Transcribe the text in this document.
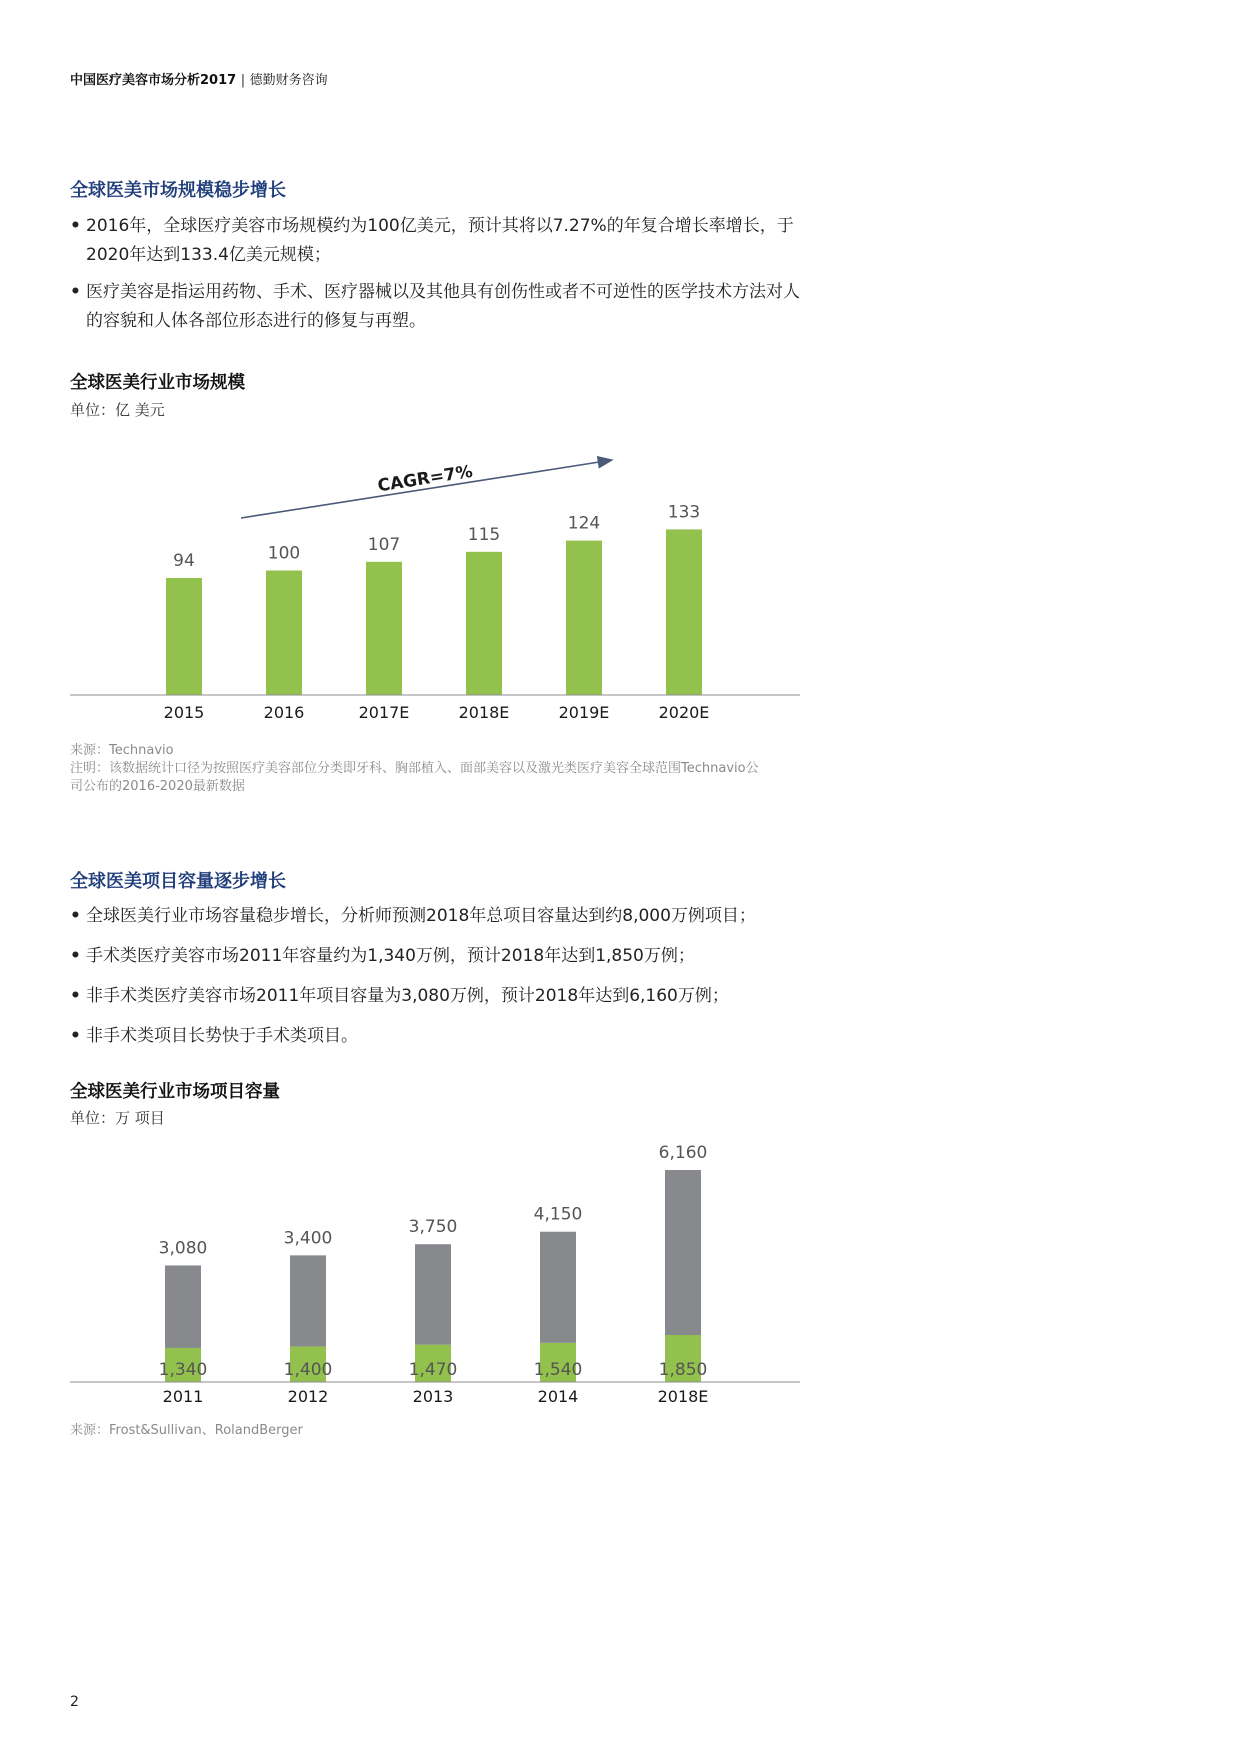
中国医疗美容市场分析2017 | 德勤财务咨询
全球医美市场规模稳步增长
• 2016年，全球医疗美容市场规模约为100亿美元，预计其将以7.27%的年复合增长率增长，于2020年达到133.4亿美元规模；
• 医疗美容是指运用药物、手术、医疗器械以及其他具有创伤性或者不可逆性的医学技术方法对人的容貌和人体各部位形态进行的修复与再塑。
全球医美行业市场规模
单位：亿 美元
CAGR=7%
94	100	107	115
124
133
2015	2016	2017E	2018E	2019E	2020E
来源：Technavio
注明：该数据统计口径为按照医疗美容部位分类即牙科、胸部植入、面部美容以及激光类医疗美容全球范围Technavio公司公布的2016-2020最新数据
全球医美项目容量逐步增长
• 全球医美行业市场容量稳步增长，分析师预测2018年总项目容量达到约8,000万例项目；
• 手术类医疗美容市场2011年容量约为1,340万例，预计2018年达到1,850万例；
• 非手术类医疗美容市场2011年项目容量为3,080万例，预计2018年达到6,160万例；
• 非手术类项目长势快于手术类项目。
全球医美行业市场项目容量
单位：万 项目
1,340
3,080
1,400
3,400
1,470
3,750
1,540
4,150
1,850
6,160
2011	2012	2013	2014	2018E
来源：Frost&Sullivan、RolandBerger
2
